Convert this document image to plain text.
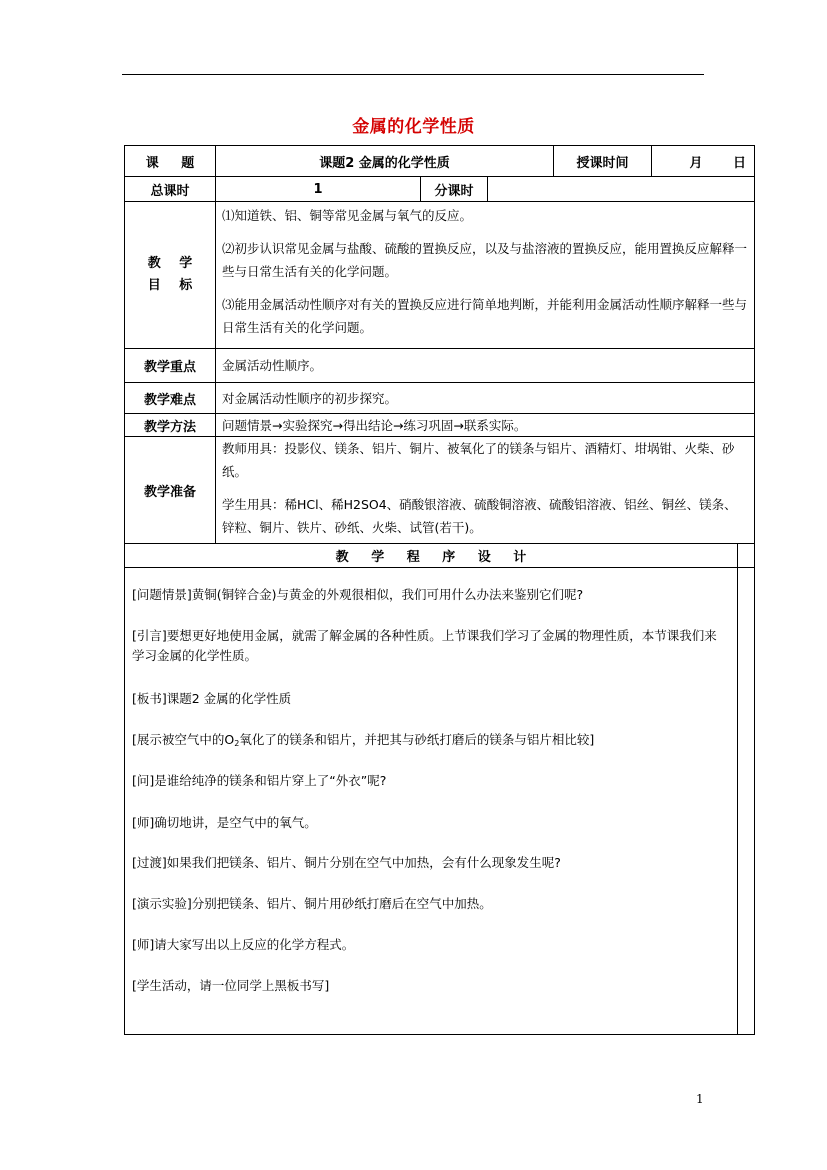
金属的化学性质
课 题	课题2 金属的化学性质	授课时间	月 日
总课时	1	分课时
教 学 目 标

⑴知道铁、铝、铜等常见金属与氧气的反应。

⑵初步认识常见金属与盐酸、硫酸的置换反应，以及与盐溶液的置换反应，能用置换反应解释一些与日常生活有关的化学问题。

⑶能用金属活动性顺序对有关的置换反应进行简单地判断，并能利用金属活动性顺序解释一些与日常生活有关的化学问题。

教学重点 金属活动性顺序。
教学难点 对金属活动性顺序的初步探究。
教学方法 问题情景→实验探究→得出结论→练习巩固→联系实际。
教学准备

教师用具：投影仪、镁条、铝片、铜片、被氧化了的镁条与铝片、酒精灯、坩埚钳、火柴、砂纸。

学生用具：稀HCl、稀H2SO4、硝酸银溶液、硫酸铜溶液、硫酸铝溶液、铝丝、铜丝、镁条、锌粒、铜片、铁片、砂纸、火柴、试管(若干)。

教 学 程 序 设 计
[问题情景]黄铜(铜锌合金)与黄金的外观很相似，我们可用什么办法来鉴别它们呢?
[引言]要想更好地使用金属，就需了解金属的各种性质。上节课我们学习了金属的物理性质，本节课我们来学习金属的化学性质。
[板书]课题2 金属的化学性质
[展示被空气中的$O_2$氧化了的镁条和铝片，并把其与砂纸打磨后的镁条与铝片相比较]
[问]是谁给纯净的镁条和铝片穿上了“外衣”呢?
[师]确切地讲，是空气中的氧气。
[过渡]如果我们把镁条、铝片、铜片分别在空气中加热，会有什么现象发生呢?
[演示实验]分别把镁条、铝片、铜片用砂纸打磨后在空气中加热。
[师]请大家写出以上反应的化学方程式。
[学生活动，请一位同学上黑板书写]
1
